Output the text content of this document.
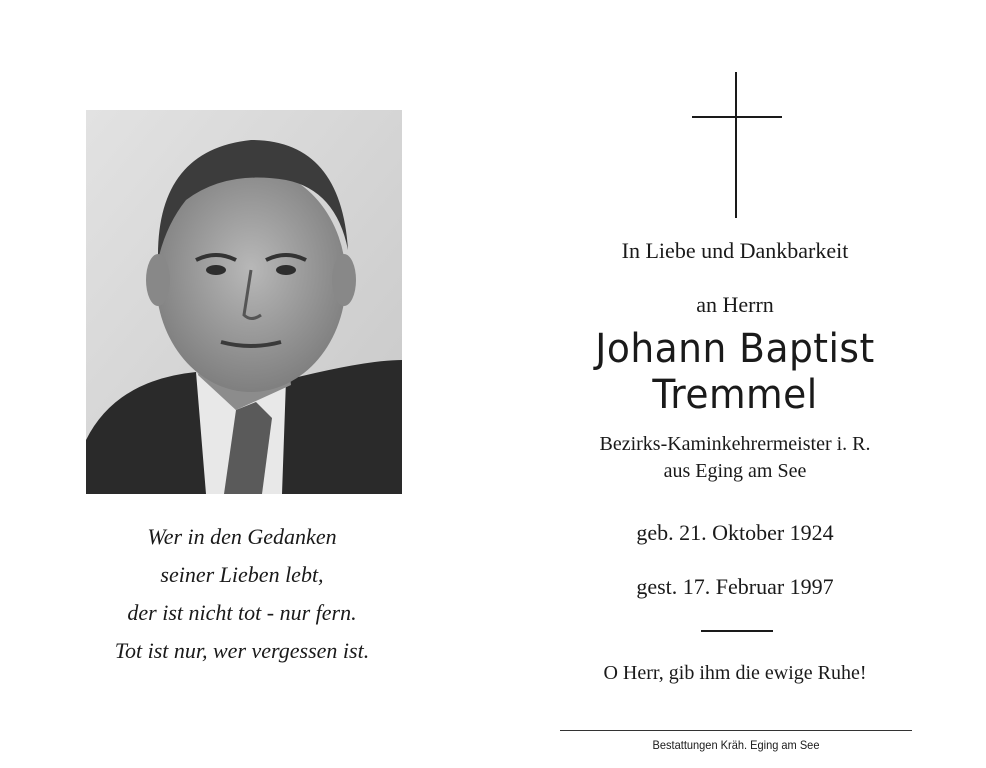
Wer in den Gedanken
seiner Lieben lebt,
der ist nicht tot - nur fern.
Tot ist nur, wer vergessen ist.
In Liebe und Dankbarkeit
an Herrn
Johann Baptist
Tremmel
Bezirks-Kaminkehrermeister i. R.
aus Eging am See
geb. 21. Oktober 1924
gest. 17. Februar 1997
O Herr, gib ihm die ewige Ruhe!
Bestattungen Kräh. Eging am See
